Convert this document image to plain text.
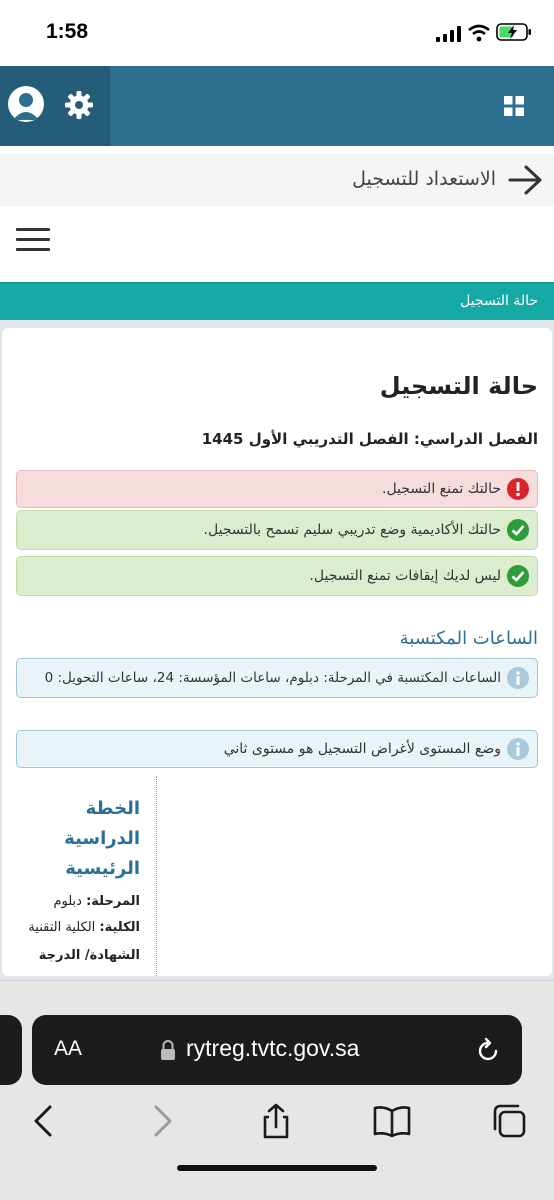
1:58
الاستعداد للتسجيل
حالة التسجيل
حالة التسجيل
الفصل الدراسي: الفصل التدريبي الأول 1445
حالتك تمنع التسجيل.
حالتك الأكاديمية وضع تدريبي سليم تسمح بالتسجيل.
ليس لديك إيقافات تمنع التسجيل.
الساعات المكتسبة
الساعات المكتسبة في المرحلة: دبلوم، ساعات المؤسسة: 24، ساعات التحويل: 0
وضع المستوى لأغراض التسجيل هو مستوى ثاني
الخطة
الدراسية
الرئيسية
المرحلة: دبلوم
الكلية: الكلية التقنية
الشهادة/ الدرجة
AA	rytreg.tvtc.gov.sa
